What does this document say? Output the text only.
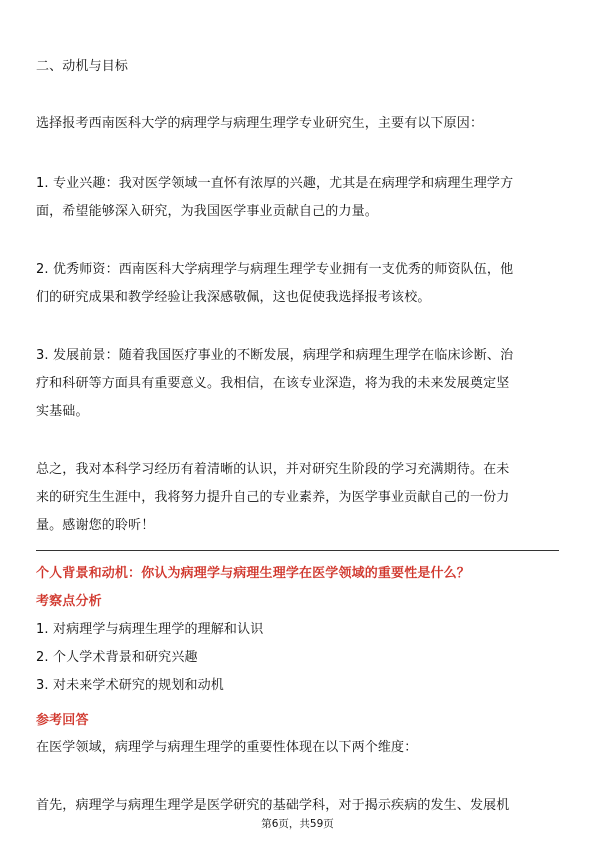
二、动机与目标
选择报考西南医科大学的病理学与病理生理学专业研究生，主要有以下原因：
1. 专业兴趣：我对医学领域一直怀有浓厚的兴趣，尤其是在病理学和病理生理学方
面，希望能够深入研究，为我国医学事业贡献自己的力量。
2. 优秀师资：西南医科大学病理学与病理生理学专业拥有一支优秀的师资队伍，他
们的研究成果和教学经验让我深感敬佩，这也促使我选择报考该校。
3. 发展前景：随着我国医疗事业的不断发展，病理学和病理生理学在临床诊断、治
疗和科研等方面具有重要意义。我相信，在该专业深造，将为我的未来发展奠定坚
实基础。
总之，我对本科学习经历有着清晰的认识，并对研究生阶段的学习充满期待。在未
来的研究生生涯中，我将努力提升自己的专业素养，为医学事业贡献自己的一份力
量。感谢您的聆听！
个人背景和动机：你认为病理学与病理生理学在医学领域的重要性是什么？
考察点分析
1. 对病理学与病理生理学的理解和认识
2. 个人学术背景和研究兴趣
3. 对未来学术研究的规划和动机
参考回答
在医学领域，病理学与病理生理学的重要性体现在以下两个维度：
首先，病理学与病理生理学是医学研究的基础学科，对于揭示疾病的发生、发展机
第6页，共59页
